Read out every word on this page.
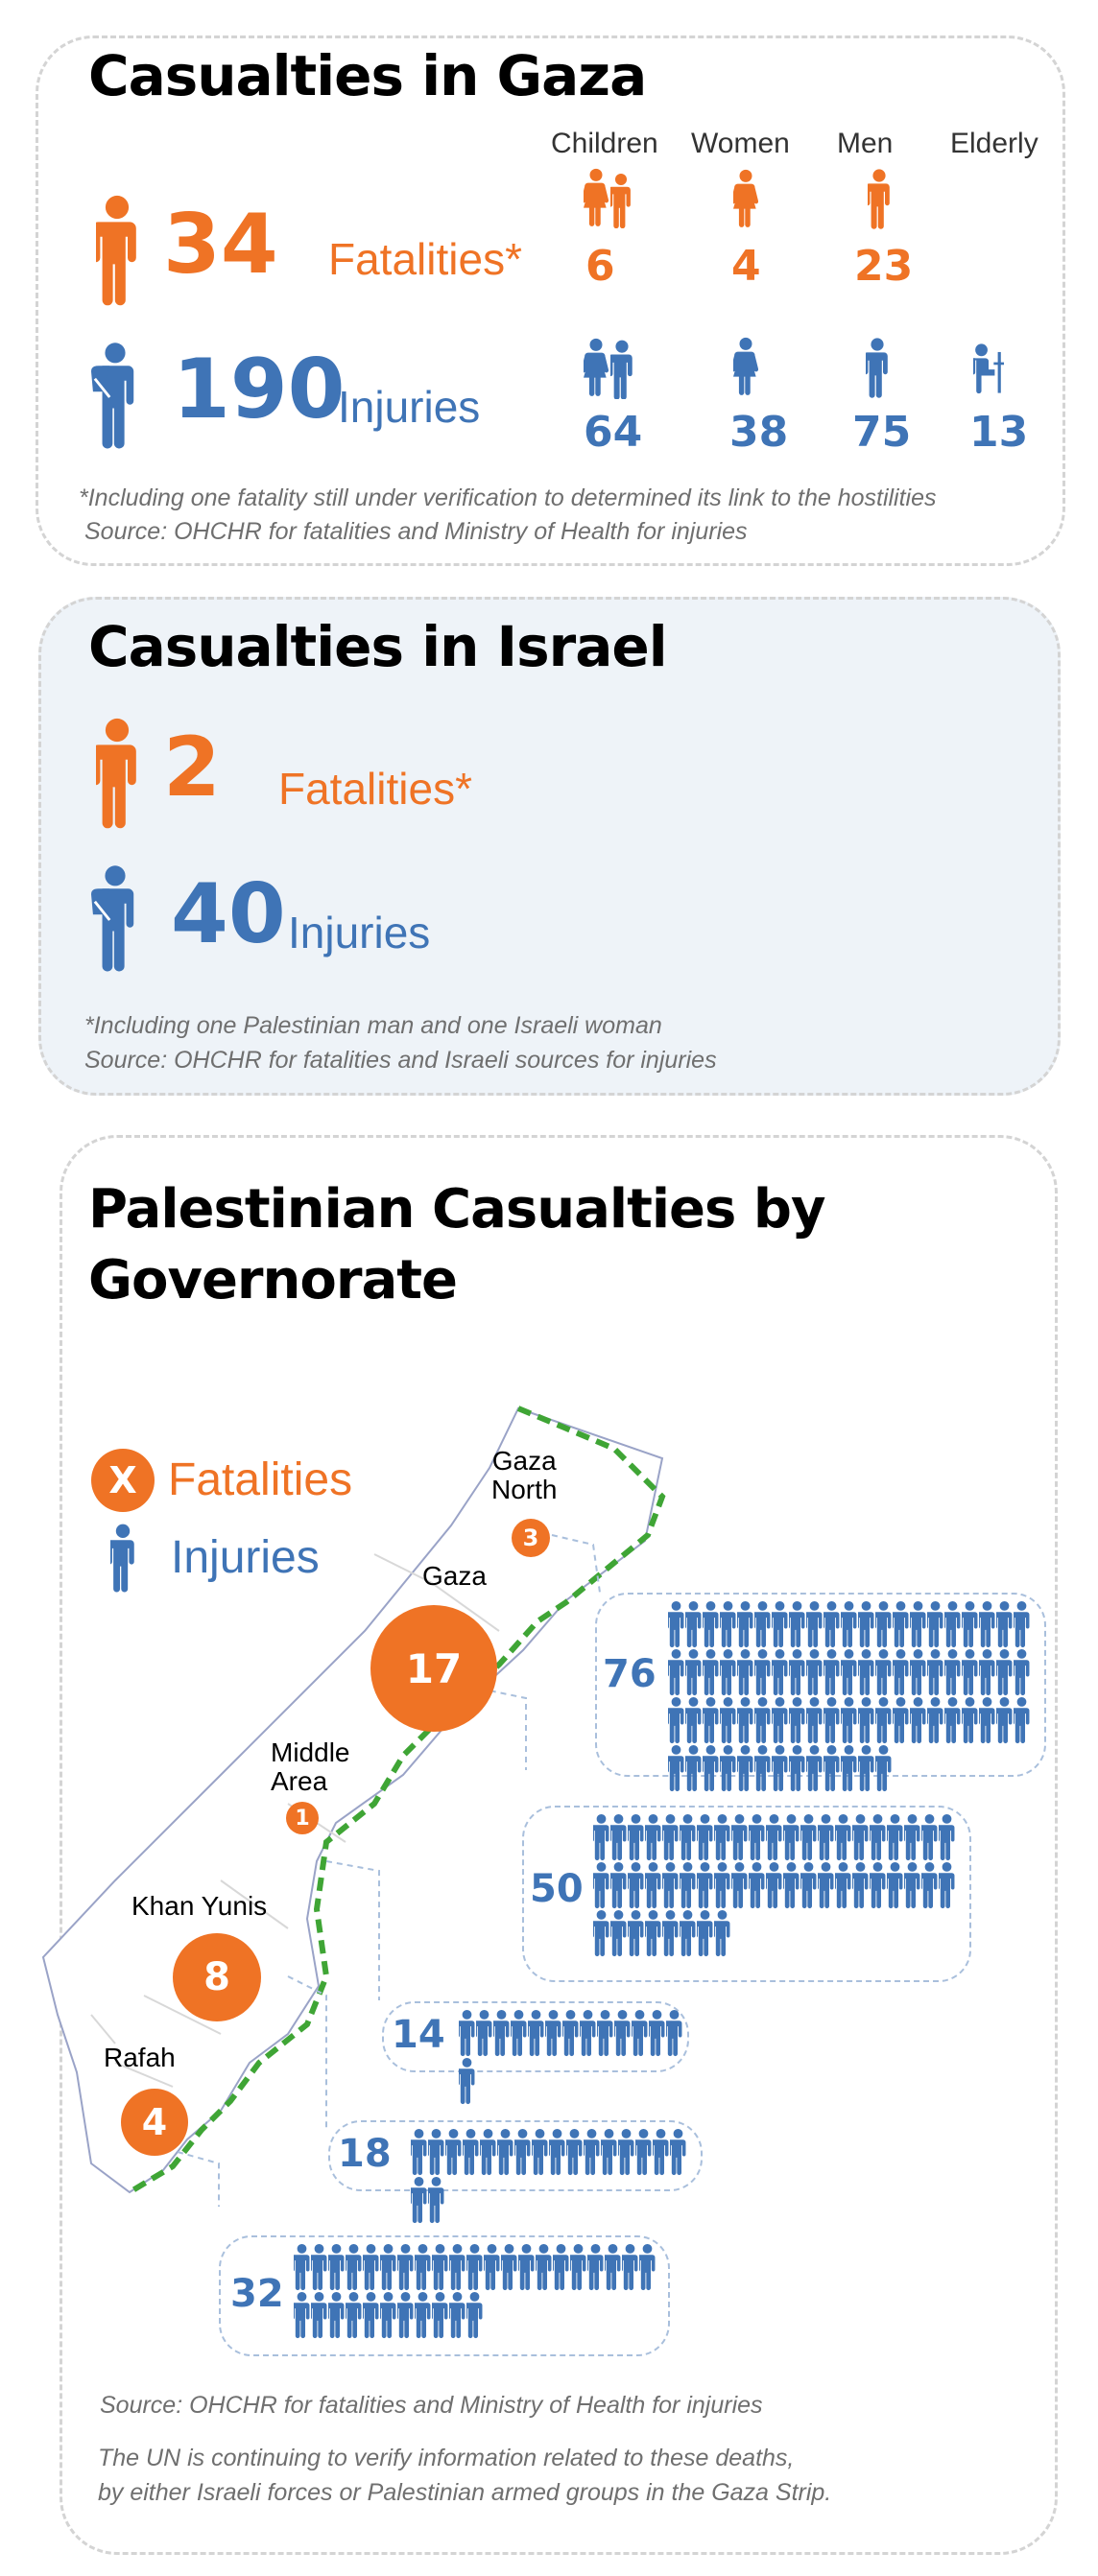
Casualties in Gaza
Children Women Men Elderly
34 Fatalities* 6	4 23
190
Injuries
64 38 75 13
*Including one fatality still under verification to determined its link to the hostilities
Source: OHCHR for fatalities and Ministry of Health for injuries
Casualties in Israel
2 Fatalities*
40 Injuries
*Including one Palestinian man and one Israeli woman
Source: OHCHR for fatalities and Israeli sources for injuries
Palestinian Casualties by
Governorate
X Fatalities
Injuries
Gaza
North
3
Gaza
17
Middle
Area
1
Khan Yunis
8
Rafah
4
76
50
14
18
32
Source: OHCHR for fatalities and Ministry of Health for injuries
The UN is continuing to verify information related to these deaths,
by either Israeli forces or Palestinian armed groups in the Gaza Strip.
